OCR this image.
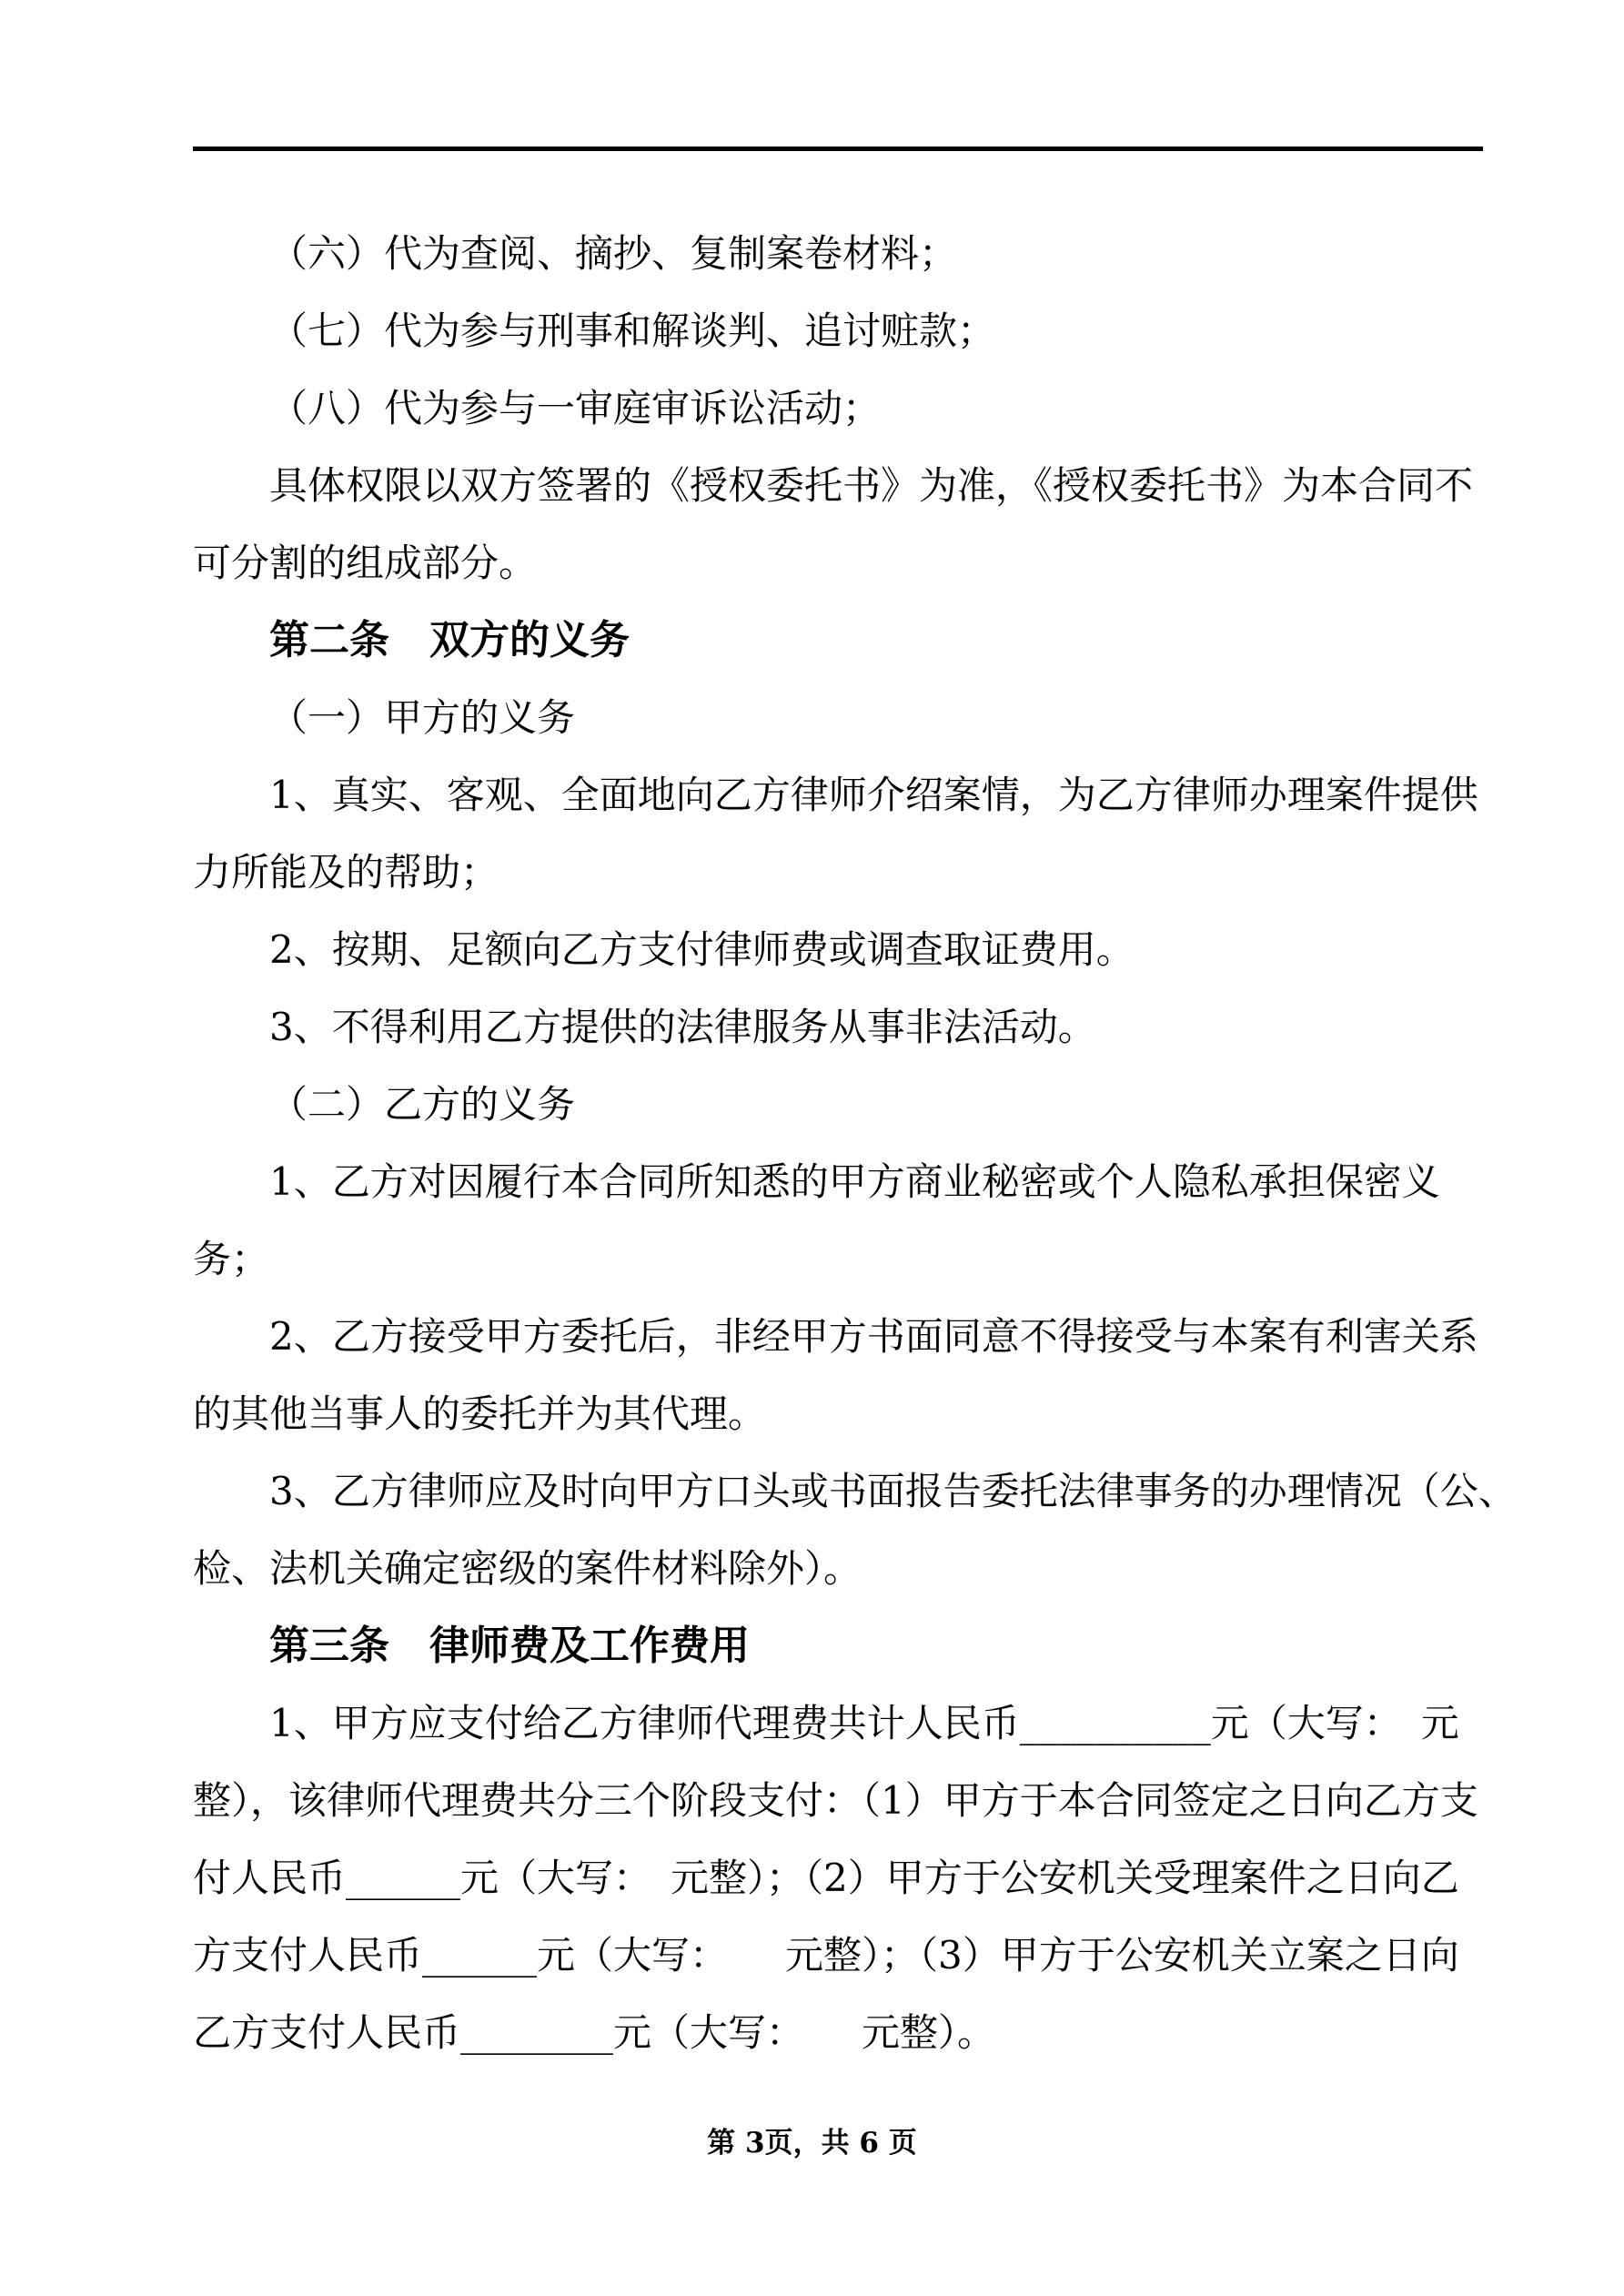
（六）代为查阅、摘抄、复制案卷材料；
（七）代为参与刑事和解谈判、追讨赃款；
（八）代为参与一审庭审诉讼活动；
具体权限以双方签署的《授权委托书》为准，《授权委托书》为本合同不
可分割的组成部分。
第二条　双方的义务
（一）甲方的义务
1、真实、客观、全面地向乙方律师介绍案情，为乙方律师办理案件提供
力所能及的帮助；
2、按期、足额向乙方支付律师费或调查取证费用。
3、不得利用乙方提供的法律服务从事非法活动。
（二）乙方的义务
1、乙方对因履行本合同所知悉的甲方商业秘密或个人隐私承担保密义
务；
2、乙方接受甲方委托后，非经甲方书面同意不得接受与本案有利害关系
的其他当事人的委托并为其代理。
3、乙方律师应及时向甲方口头或书面报告委托法律事务的办理情况（公、
检、法机关确定密级的案件材料除外）。
第三条　律师费及工作费用
1、甲方应支付给乙方律师代理费共计人民币__________元（大写：　元
整），该律师代理费共分三个阶段支付：（1）甲方于本合同签定之日向乙方支
付人民币______元（大写：　元整）；（2）甲方于公安机关受理案件之日向乙
方支付人民币______元（大写：　　元整）；（3）甲方于公安机关立案之日向
乙方支付人民币________元（大写：　　元整）。
第 3页，共 6 页
